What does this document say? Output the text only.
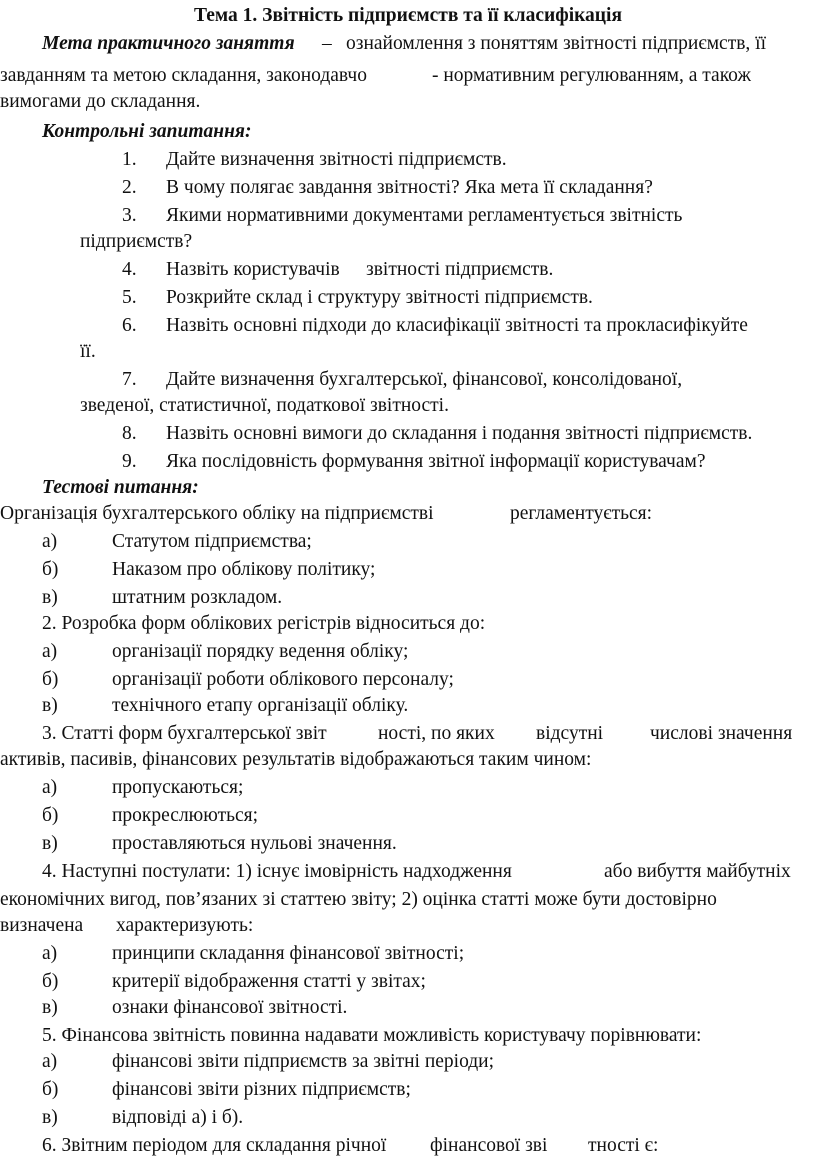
Тема 1. Звітність підприємств та її класифікація
Мета практичного заняття – ознайомлення з поняттям звітності підприємств, її
завданням та метою складання, законодавчо	- нормативним регулюванням, а також
вимогами до складання.
Контрольні запитання:
1. Дайте визначення звітності підприємств.
2. В чому полягає завдання звітності? Яка мета її складання?
3. Якими нормативними документами регламентується звітність
підприємств?
4. Назвіть користувачів звітності підприємств.
5. Розкрийте склад і структуру звітності підприємств.
6. Назвіть основні підходи до класифікації звітності та прокласифікуйте
її.
7. Дайте визначення бухгалтерської, фінансової, консолідованої,
зведеної, статистичної, податкової звітності.
8. Назвіть основні вимоги до складання і подання звітності підприємств.
9. Яка послідовність формування звітної інформації користувачам?
Тестові питання:
Організація бухгалтерського обліку на підприємстві	регламентується:
а)	Статутом підприємства;
б)	Наказом про облікову політику;
в)	штатним розкладом.
2. Розробка форм облікових регістрів відноситься до:
а)	організації порядку ведення обліку;
б)	організації роботи облікового персоналу;
в)	технічного етапу організації обліку.
3. Статті форм бухгалтерської звіт	ності, по яких відсутні числові значення
активів, пасивів, фінансових результатів відображаються таким чином:
а)	пропускаються;
б)	прокреслюються;
в)	проставляються нульові значення.
4. Наступні постулати: 1) існує імовірність надходження	або вибуття майбутніх
економічних вигод, пов’язаних зі статтею звіту; 2) оцінка статті може бути достовірно
визначена характеризують:
а)	принципи складання фінансової звітності;
б)	критерії відображення статті у звітах;
в)	ознаки фінансової звітності.
5. Фінансова звітність повинна надавати можливість користувачу порівнювати:
а)	фінансові звіти підприємств за звітні періоди;
б)	фінансові звіти різних підприємств;
в)	відповіді а) і б).
6. Звітним періодом для складання річної фінансової зві тності є:
